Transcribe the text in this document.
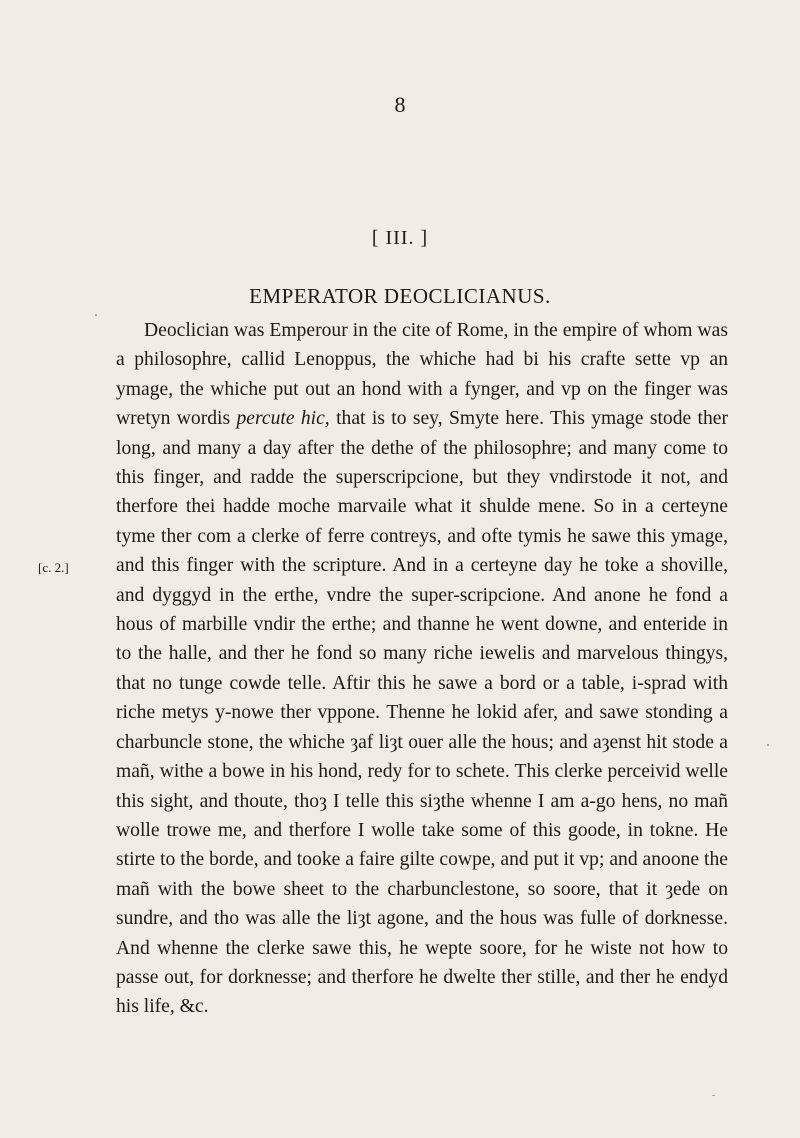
8
[ III. ]
EMPERATOR DEOCLICIANUS.
[c. 2.]

Deoclician was Emperour in the cite of Rome, in the empire of whom was a philosophre, callid Lenoppus, the whiche had bi his crafte sette vp an ymage, the whiche put out an hond with a fynger, and vp on the finger was wretyn wordis percute hic, that is to sey, Smyte here. This ymage stode ther long, and many a day after the dethe of the philosophre; and many come to this finger, and radde the superscripcione, but they vndirstode it not, and therfore thei hadde moche marvaile what it shulde mene. So in a certeyne tyme ther com a clerke of ferre contreys, and ofte tymis he sawe this ymage, and this finger with the scripture. And in a certeyne day he toke a shoville, and dyggyd in the erthe, vndre the super-scripcione. And anone he fond a hous of marbille vndir the erthe; and thanne he went downe, and enteride in to the halle, and ther he fond so many riche iewelis and marvelous thingys, that no tunge cowde telle. Aftir this he sawe a bord or a table, i-sprad with riche metys y-nowe ther vppone. Thenne he lokid afer, and sawe stonding a charbuncle stone, the whiche ȝaf liȝt ouer alle the hous; and aȝenst hit stode a mañ, withe a bowe in his hond, redy for to schete. This clerke perceivid welle this sight, and thoute, thoȝ I telle this siȝthe whenne I am a-go hens, no mañ wolle trowe me, and therfore I wolle take some of this goode, in tokne. He stirte to the borde, and tooke a faire gilte cowpe, and put it vp; and anoone the mañ with the bowe sheet to the charbunclestone, so soore, that it ȝede on sundre, and tho was alle the liȝt agone, and the hous was fulle of dorknesse. And whenne the clerke sawe this, he wepte soore, for he wiste not how to passe out, for dorknesse; and therfore he dwelte ther stille, and ther he endyd his life, &c.
